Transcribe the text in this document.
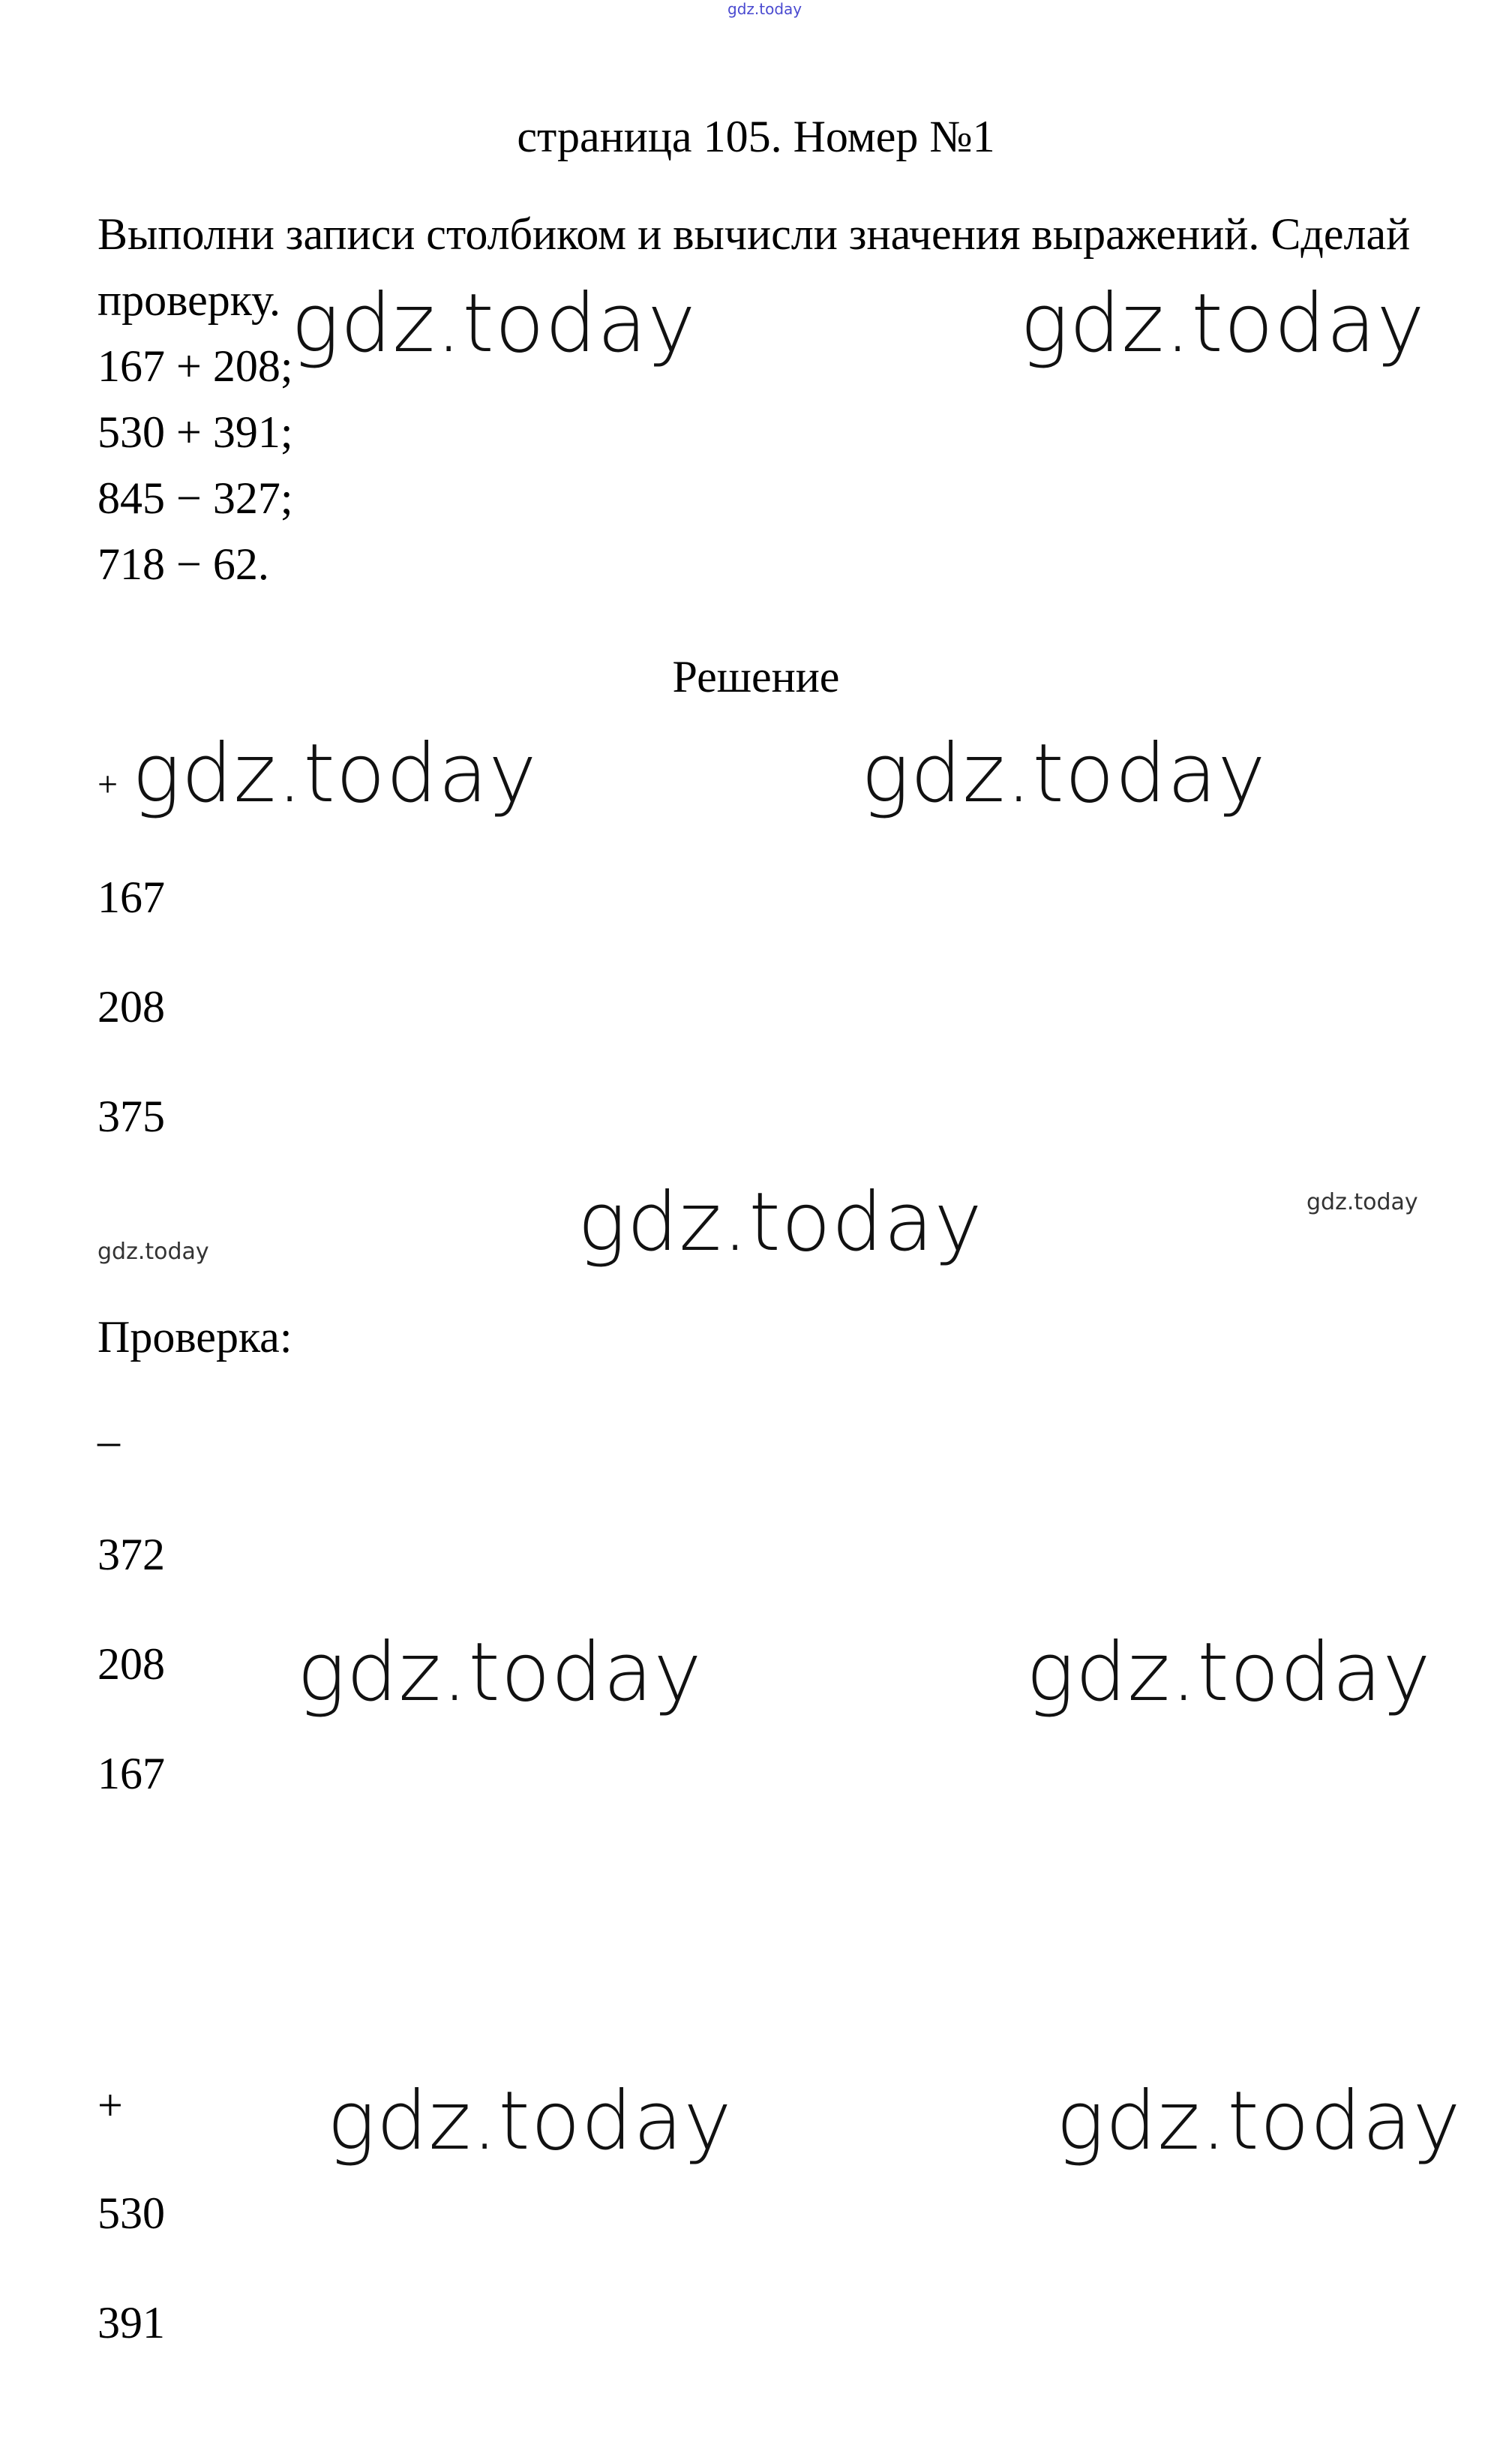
gdz.today
страница 105. Номер №1
Выполни записи столбиком и вычисли значения выражений. Сделай
проверку.
167 + 208;
530 + 391;
845 − 327;
718 − 62.
Решение
+
167
208
375
Проверка:
–
372
208
167
+
530
391
gdz.today	gdz.today
gdz.today	gdz.today
gdz.today
gdz.today	gdz.today
gdz.today	gdz.today
gdz.today
gdz.today
